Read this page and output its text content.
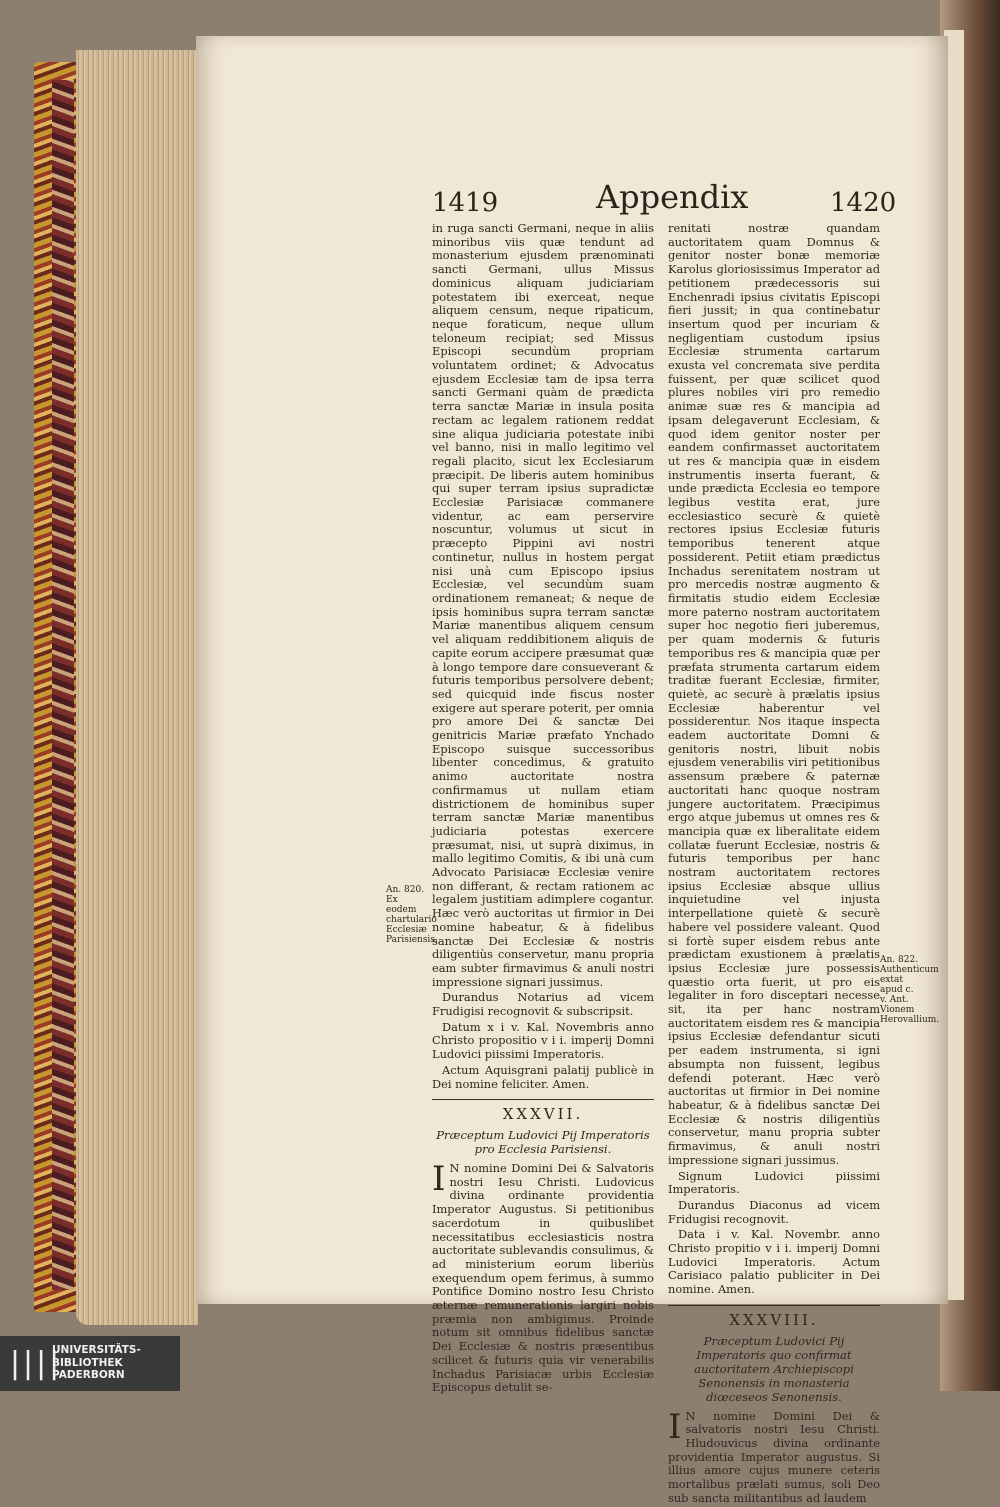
1419	Appendix	1420

in ruga sancti Germani, neque in aliis minoribus viis quæ tendunt ad monasterium ejusdem prænominati sancti Germani, ullus Missus dominicus aliquam judiciariam potestatem ibi exerceat, neque aliquem censum, neque ripaticum, neque foraticum, neque ullum teloneum recipiat; sed Missus Episcopi secundùm propriam voluntatem ordinet; & Advocatus ejusdem Ecclesiæ tam de ipsa terra sancti Germani quàm de prædicta terra sanctæ Mariæ in insula posita rectam ac legalem rationem reddat sine aliqua judiciaria potestate inibi vel banno, nisi in mallo legitimo vel regali placito, sicut lex Ecclesiarum præcipit. De liberis autem hominibus qui super terram ipsius supradictæ Ecclesiæ Parisiacæ commanere videntur, ac eam perservire noscuntur, volumus ut sicut in præcepto Pippini avi nostri continetur, nullus in hostem pergat nisi unà cum Episcopo ipsius Ecclesiæ, vel secundùm suam ordinationem remaneat; & neque de ipsis hominibus supra terram sanctæ Mariæ manentibus aliquem censum vel aliquam reddibitionem aliquis de capite eorum accipere præsumat quæ à longo tempore dare consueverant & futuris temporibus persolvere debent; sed quicquid inde fiscus noster exigere aut sperare poterit, per omnia pro amore Dei & sanctæ Dei genitricis Mariæ præfato Ynchado Episcopo suisque successoribus libenter concedimus, & gratuito animo auctoritate nostra confirmamus ut nullam etiam districtionem de hominibus super terram sanctæ Mariæ manentibus judiciaria potestas exercere præsumat, nisi, ut suprà diximus, in mallo legitimo Comitis, & ibi unà cum Advocato Parisiacæ Ecclesiæ venire non differant, & rectam rationem ac legalem justitiam adimplere cogantur. Hæc verò auctoritas ut firmior in Dei nomine habeatur, & à fidelibus sanctæ Dei Ecclesiæ & nostris diligentiùs conservetur, manu propria eam subter firmavimus & anuli nostri impressione signari jussimus.

Durandus Notarius ad vicem Frudigisi recognovit & subscripsit.

Datum x i v. Kal. Novembris anno Christo propositio v i i. imperij Domni Ludovici piissimi Imperatoris.

Actum Aquisgrani palatij publicè in Dei nomine feliciter. Amen.

XXXVII.
Præceptum Ludovici Pij Imperatoris pro Ecclesia Parisiensi.

I N nomine Domini Dei & Salvatoris nostri Iesu Christi. Ludovicus divina ordinante providentia Imperator Augustus. Si petitionibus sacerdotum in quibuslibet necessitatibus ecclesiasticis nostra auctoritate sublevandis consulimus, & ad ministerium eorum liberiùs exequendum opem ferimus, à summo Pontifice Domino nostro Iesu Christo æternæ remunerationis largiri nobis præmia non ambigimus. Proinde notum sit omnibus fidelibus sanctæ Dei Ecclesiæ & nostris præsentibus scilicet & futuris quia vir venerabilis Inchadus Parisiacæ urbis Ecclesiæ Episcopus detulit se-

An. 820. Ex eodem chartulario Ecclesiæ Parisiensis.

renitati nostræ quandam auctoritatem quam Domnus & genitor noster bonæ memoriæ Karolus gloriosissimus Imperator ad petitionem prædecessoris sui Enchenradi ipsius civitatis Episcopi fieri jussit; in qua continebatur insertum quod per incuriam & negligentiam custodum ipsius Ecclesiæ strumenta cartarum exusta vel concremata sive perdita fuissent, per quæ scilicet quod plures nobiles viri pro remedio animæ suæ res & mancipia ad ipsam delegaverunt Ecclesiam, & quod idem genitor noster per eandem confirmasset auctoritatem ut res & mancipia quæ in eisdem instrumentis inserta fuerant, & unde prædicta Ecclesia eo tempore legibus vestita erat, jure ecclesiastico securè & quietè rectores ipsius Ecclesiæ futuris temporibus tenerent atque possiderent. Petiit etiam prædictus Inchadus serenitatem nostram ut pro mercedis nostræ augmento & firmitatis studio eidem Ecclesiæ more paterno nostram auctoritatem super hoc negotio fieri juberemus, per quam modernis & futuris temporibus res & mancipia quæ per præfata strumenta cartarum eidem traditæ fuerant Ecclesiæ, firmiter, quietè, ac securè à prælatis ipsius Ecclesiæ haberentur vel possiderentur. Nos itaque inspecta eadem auctoritate Domni & genitoris nostri, libuit nobis ejusdem venerabilis viri petitionibus assensum præbere & paternæ auctoritati hanc quoque nostram jungere auctoritatem. Præcipimus ergo atque jubemus ut omnes res & mancipia quæ ex liberalitate eidem collatæ fuerunt Ecclesiæ, nostris & futuris temporibus per hanc nostram auctoritatem rectores ipsius Ecclesiæ absque ullius inquietudine vel injusta interpellatione quietè & securè habere vel possidere valeant. Quod si fortè super eisdem rebus ante prædictam exustionem à prælatis ipsius Ecclesiæ jure possessis quæstio orta fuerit, ut pro eis legaliter in foro disceptari necesse sit, ita per hanc nostram auctoritatem eisdem res & mancipia ipsius Ecclesiæ defendantur sicuti per eadem instrumenta, si igni absumpta non fuissent, legibus defendi poterant. Hæc verò auctoritas ut firmior in Dei nomine habeatur, & à fidelibus sanctæ Dei Ecclesiæ & nostris diligentiùs conservetur, manu propria subter firmavimus, & anuli nostri impressione signari jussimus.

Signum Ludovici piissimi Imperatoris.

Durandus Diaconus ad vicem Fridugisi recognovit.

Data i v. Kal. Novembr. anno Christo propitio v i i. imperij Domni Ludovici Imperatoris. Actum Carisiaco palatio publiciter in Dei nomine. Amen.

XXXVIII.
Præceptum Ludovici Pij Imperatoris quo confirmat auctoritatem Archiepiscopi Senonensis in monasteria diœceseos Senonensis.

I N nomine Domini Dei & salvatoris nostri Iesu Christi. Hludouvicus divina ordinante providentia Imperator augustus. Si illius amore cujus munere ceteris mortalibus prælati sumus, soli Deo sub sancta militantibus ad laudem

An. 822. Authenticum extat apud c. v. Ant. Vionem Herovallium.
||||
UNIVERSITÄTS-
BIBLIOTHEK
PADERBORN
